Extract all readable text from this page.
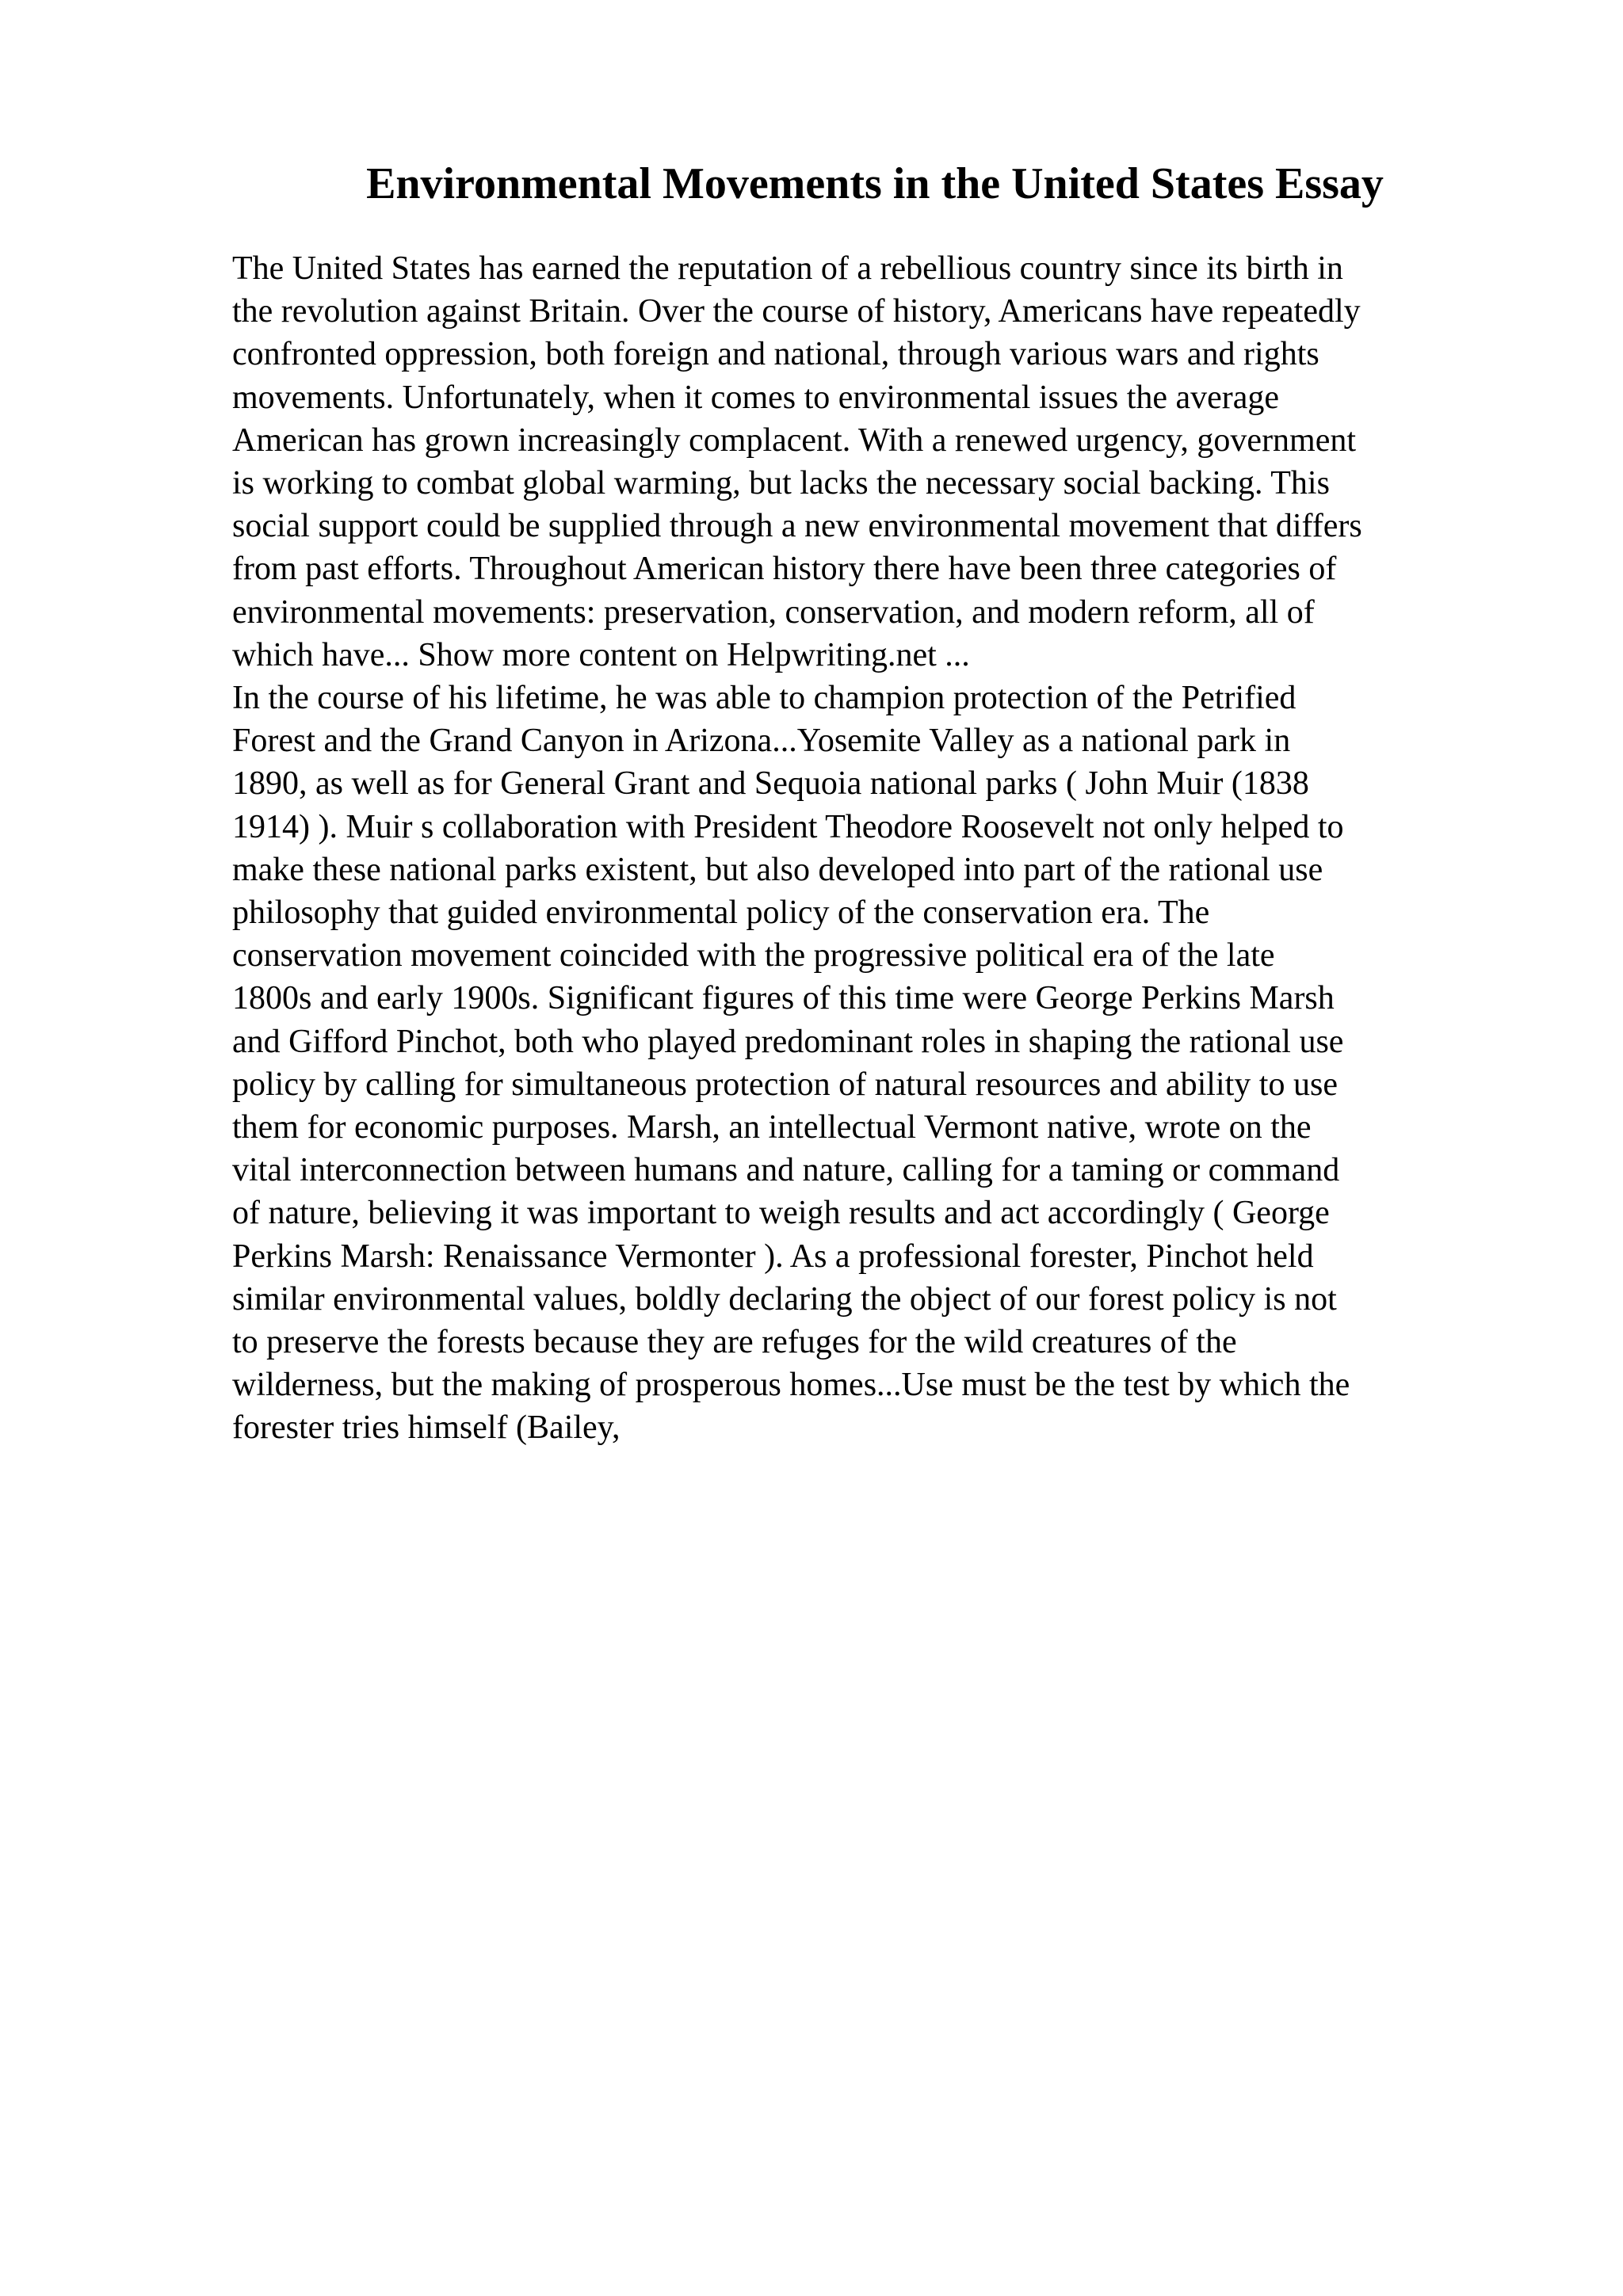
Environmental Movements in the United States Essay
The United States has earned the reputation of a rebellious country since its birth in
the revolution against Britain. Over the course of history, Americans have repeatedly
confronted oppression, both foreign and national, through various wars and rights
movements. Unfortunately, when it comes to environmental issues the average
American has grown increasingly complacent. With a renewed urgency, government
is working to combat global warming, but lacks the necessary social backing. This
social support could be supplied through a new environmental movement that differs
from past efforts. Throughout American history there have been three categories of
environmental movements: preservation, conservation, and modern reform, all of
which have... Show more content on Helpwriting.net ...
In the course of his lifetime, he was able to champion protection of the Petrified
Forest and the Grand Canyon in Arizona...Yosemite Valley as a national park in
1890, as well as for General Grant and Sequoia national parks ( John Muir (1838
1914) ). Muir s collaboration with President Theodore Roosevelt not only helped to
make these national parks existent, but also developed into part of the rational use
philosophy that guided environmental policy of the conservation era. The
conservation movement coincided with the progressive political era of the late
1800s and early 1900s. Significant figures of this time were George Perkins Marsh
and Gifford Pinchot, both who played predominant roles in shaping the rational use
policy by calling for simultaneous protection of natural resources and ability to use
them for economic purposes. Marsh, an intellectual Vermont native, wrote on the
vital interconnection between humans and nature, calling for a taming or command
of nature, believing it was important to weigh results and act accordingly ( George
Perkins Marsh: Renaissance Vermonter ). As a professional forester, Pinchot held
similar environmental values, boldly declaring the object of our forest policy is not
to preserve the forests because they are refuges for the wild creatures of the
wilderness, but the making of prosperous homes...Use must be the test by which the
forester tries himself (Bailey,
